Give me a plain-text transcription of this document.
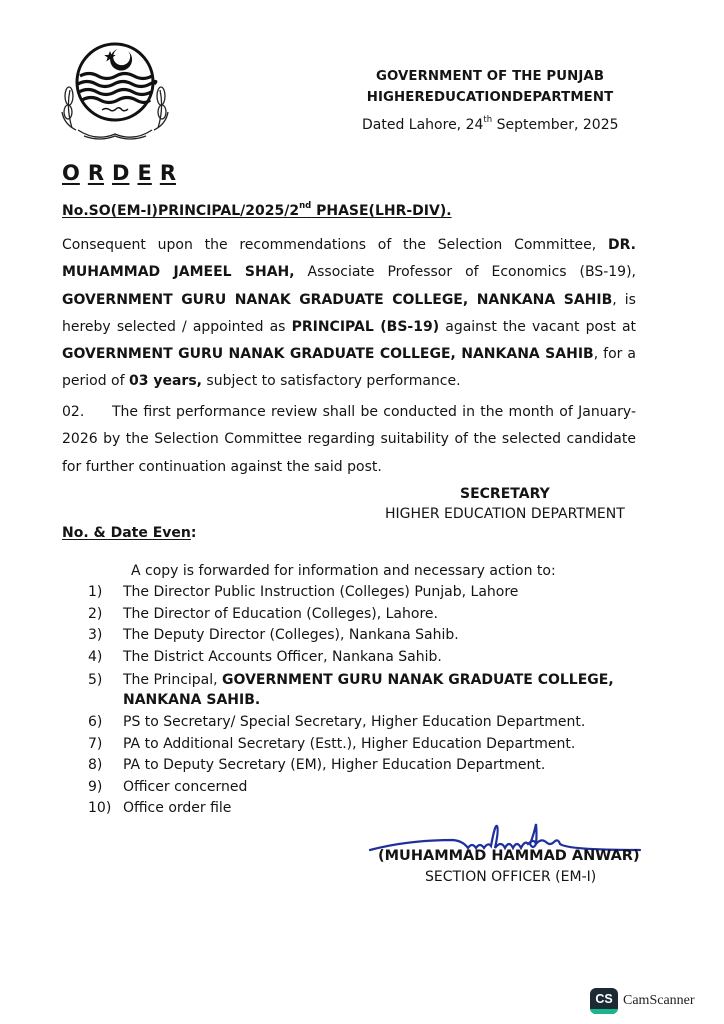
GOVERNMENT OF THE PUNJAB
HIGHEREDUCATIONDEPARTMENT
Dated Lahore, 24th September, 2025
O R D E R
No.SO(EM-I)PRINCIPAL/2025/2nd PHASE(LHR-DIV).
Consequent upon the recommendations of the Selection Committee, DR. MUHAMMAD JAMEEL SHAH, Associate Professor of Economics (BS-19), GOVERNMENT GURU NANAK GRADUATE COLLEGE, NANKANA SAHIB, is hereby selected / appointed as PRINCIPAL (BS-19) against the vacant post at GOVERNMENT GURU NANAK GRADUATE COLLEGE, NANKANA SAHIB, for a period of 03 years, subject to satisfactory performance.
02. The first performance review shall be conducted in the month of January-2026 by the Selection Committee regarding suitability of the selected candidate for further continuation against the said post.
SECRETARY
HIGHER EDUCATION DEPARTMENT
No. & Date Even:
A copy is forwarded for information and necessary action to:
1)	The Director Public Instruction (Colleges) Punjab, Lahore
2)	The Director of Education (Colleges), Lahore.
3)	The Deputy Director (Colleges), Nankana Sahib.
4)	The District Accounts Officer, Nankana Sahib.
5)	The Principal, GOVERNMENT GURU NANAK GRADUATE COLLEGE, NANKANA SAHIB.
6)	PS to Secretary/ Special Secretary, Higher Education Department.
7)	PA to Additional Secretary (Estt.), Higher Education Department.
8)	PA to Deputy Secretary (EM), Higher Education Department.
9)	Officer concerned
10) Office order file
(MUHAMMAD HAMMAD ANWAR)
SECTION OFFICER (EM-I)
CS CamScanner
